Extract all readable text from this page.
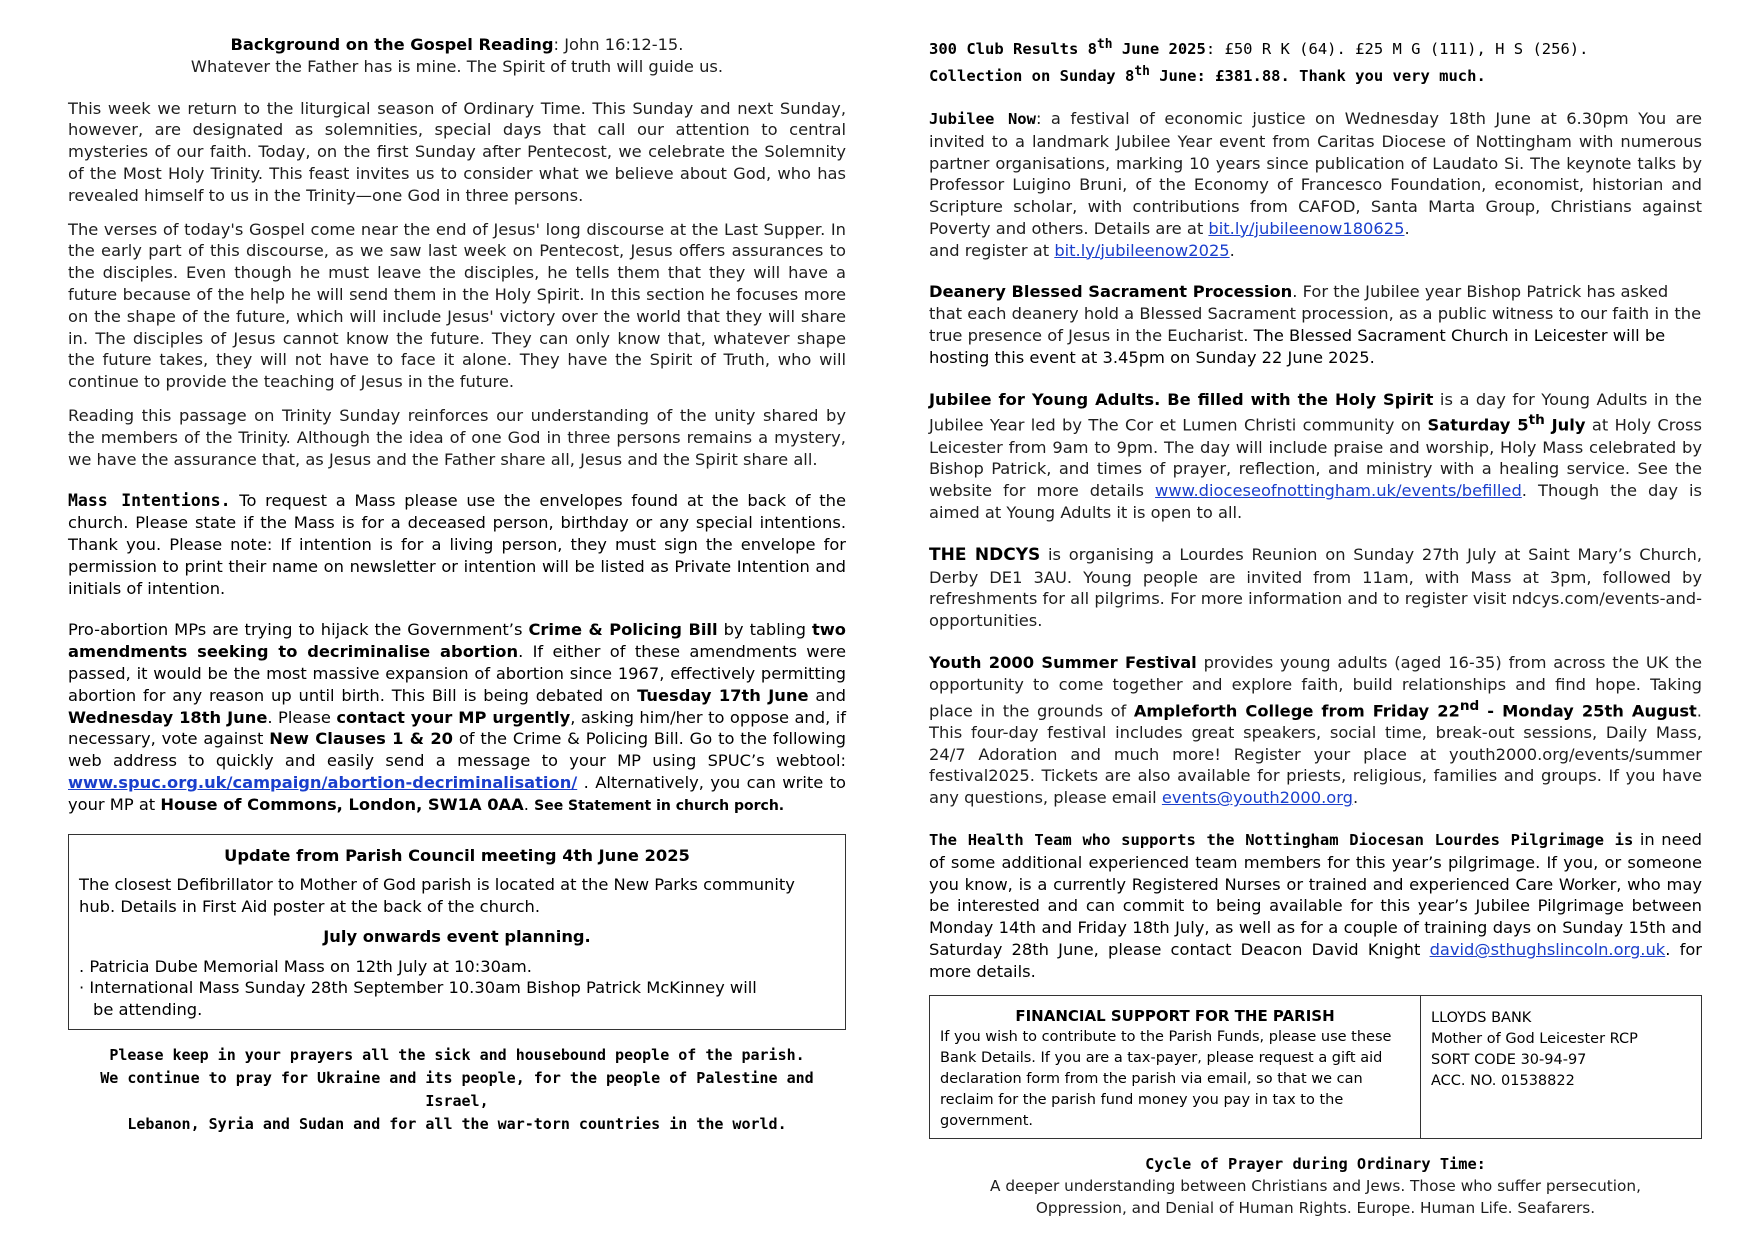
Background on the Gospel Reading: John 16:12-15.

Whatever the Father has is mine. The Spirit of truth will guide us.

This week we return to the liturgical season of Ordinary Time. This Sunday and next Sunday, however, are designated as solemnities, special days that call our attention to central mysteries of our faith. Today, on the first Sunday after Pentecost, we celebrate the Solemnity of the Most Holy Trinity. This feast invites us to consider what we believe about God, who has revealed himself to us in the Trinity—one God in three persons.

The verses of today's Gospel come near the end of Jesus' long discourse at the Last Supper. In the early part of this discourse, as we saw last week on Pentecost, Jesus offers assurances to the disciples. Even though he must leave the disciples, he tells them that they will have a future because of the help he will send them in the Holy Spirit. In this section he focuses more on the shape of the future, which will include Jesus' victory over the world that they will share in. The disciples of Jesus cannot know the future. They can only know that, whatever shape the future takes, they will not have to face it alone. They have the Spirit of Truth, who will continue to provide the teaching of Jesus in the future.

Reading this passage on Trinity Sunday reinforces our understanding of the unity shared by the members of the Trinity. Although the idea of one God in three persons remains a mystery, we have the assurance that, as Jesus and the Father share all, Jesus and the Spirit share all.

Mass Intentions. To request a Mass please use the envelopes found at the back of the church. Please state if the Mass is for a deceased person, birthday or any special intentions. Thank you. Please note: If intention is for a living person, they must sign the envelope for permission to print their name on newsletter or intention will be listed as Private Intention and initials of intention.

Pro-abortion MPs are trying to hijack the Government’s Crime & Policing Bill by tabling two amendments seeking to decriminalise abortion. If either of these amendments were passed, it would be the most massive expansion of abortion since 1967, effectively permitting abortion for any reason up until birth. This Bill is being debated on Tuesday 17th June and Wednesday 18th June. Please contact your MP urgently, asking him/her to oppose and, if necessary, vote against New Clauses 1 & 20 of the Crime & Policing Bill. Go to the following web address to quickly and easily send a message to your MP using SPUC’s webtool: www.spuc.org.uk/campaign/abortion-decriminalisation/ . Alternatively, you can write to your MP at House of Commons, London, SW1A 0AA. See Statement in church porch.

Update from Parish Council meeting 4th June 2025

The closest Defibrillator to Mother of God parish is located at the New Parks community hub. Details in First Aid poster at the back of the church.

July onwards event planning.
. Patricia Dube Memorial Mass on 12th July at 10:30am.
· International Mass Sunday 28th September 10.30am Bishop Patrick McKinney will
be attending.
Please keep in your prayers all the sick and housebound people of the parish.
We continue to pray for Ukraine and its people, for the people of Palestine and Israel,
Lebanon, Syria and Sudan and for all the war-torn countries in the world.
300 Club Results 8th June 2025: £50 R K (64). £25 M G (111), H S (256).
Collection on Sunday 8th June: £381.88. Thank you very much.

Jubilee Now: a festival of economic justice on Wednesday 18th June at 6.30pm You are invited to a landmark Jubilee Year event from Caritas Diocese of Nottingham with numerous partner organisations, marking 10 years since publication of Laudato Si. The keynote talks by Professor Luigino Bruni, of the Economy of Francesco Foundation, economist, historian and Scripture scholar, with contributions from CAFOD, Santa Marta Group, Christians against Poverty and others. Details are at bit.ly/jubileenow180625.
and register at bit.ly/jubileenow2025.

Deanery Blessed Sacrament Procession. For the Jubilee year Bishop Patrick has asked that each deanery hold a Blessed Sacrament procession, as a public witness to our faith in the true presence of Jesus in the Eucharist. The Blessed Sacrament Church in Leicester will be hosting this event at 3.45pm on Sunday 22 June 2025.

Jubilee for Young Adults. Be filled with the Holy Spirit is a day for Young Adults in the Jubilee Year led by The Cor et Lumen Christi community on Saturday 5th July at Holy Cross Leicester from 9am to 9pm. The day will include praise and worship, Holy Mass celebrated by Bishop Patrick, and times of prayer, reflection, and ministry with a healing service. See the website for more details www.dioceseofnottingham.uk/events/befilled. Though the day is aimed at Young Adults it is open to all.

THE NDCYS is organising a Lourdes Reunion on Sunday 27th July at Saint Mary’s Church, Derby DE1 3AU. Young people are invited from 11am, with Mass at 3pm, followed by refreshments for all pilgrims. For more information and to register visit ndcys.com/events-and- opportunities.

Youth 2000 Summer Festival provides young adults (aged 16-35) from across the UK the opportunity to come together and explore faith, build relationships and find hope. Taking place in the grounds of Ampleforth College from Friday 22nd - Monday 25th August. This four-day festival includes great speakers, social time, break-out sessions, Daily Mass, 24/7 Adoration and much more! Register your place at youth2000.org/events/summer festival2025. Tickets are also available for priests, religious, families and groups. If you have any questions, please email events@youth2000.org.

The Health Team who supports the Nottingham Diocesan Lourdes Pilgrimage is in need of some additional experienced team members for this year’s pilgrimage. If you, or someone you know, is a currently Registered Nurses or trained and experienced Care Worker, who may be interested and can commit to being available for this year’s Jubilee Pilgrimage between Monday 14th and Friday 18th July, as well as for a couple of training days on Sunday 15th and Saturday 28th June, please contact Deacon David Knight david@sthughslincoln.org.uk. for more details.

FINANCIAL SUPPORT FOR THE PARISH
If you wish to contribute to the Parish Funds, please use these Bank Details. If you are a tax-payer, please request a gift aid declaration form from the parish via email, so that we can reclaim for the parish fund money you pay in tax to the government.
LLOYDS BANK
Mother of God Leicester RCP
SORT CODE 30-94-97
ACC. NO. 01538822
Cycle of Prayer during Ordinary Time:
A deeper understanding between Christians and Jews. Those who suffer persecution,
Oppression, and Denial of Human Rights. Europe. Human Life. Seafarers.
